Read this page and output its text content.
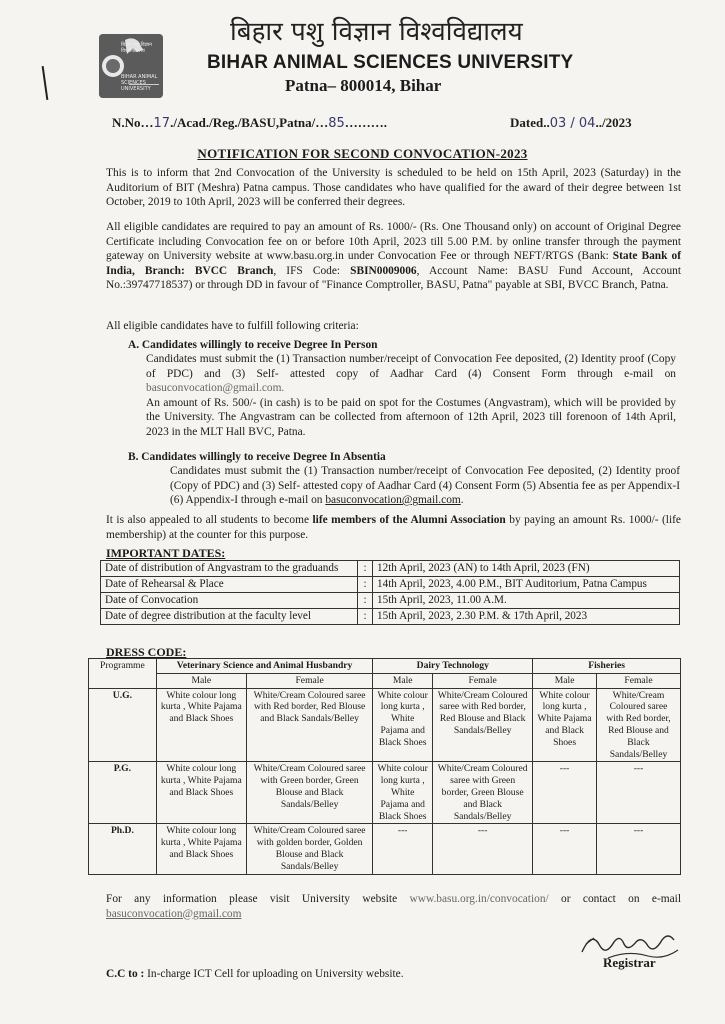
बिहार पशु विज्ञान विश्वविद्यालय
BIHAR ANIMAL SCIENCES UNIVERSITY
बिहार पशु विज्ञान विश्वविद्यालय
BIHAR ANIMAL SCIENCES UNIVERSITY
Patna– 800014, Bihar
N.No…17./Acad./Reg./BASU,Patna/…85……….	Dated..03 / 04../2023
NOTIFICATION FOR SECOND CONVOCATION-2023
This is to inform that 2nd Convocation of the University is scheduled to be held on 15th April, 2023 (Saturday) in the Auditorium of BIT (Meshra) Patna campus. Those candidates who have qualified for the award of their degree between 1st October, 2019 to 10th April, 2023 will be conferred their degrees.
All eligible candidates are required to pay an amount of Rs. 1000/- (Rs. One Thousand only) on account of Original Degree Certificate including Convocation fee on or before 10th April, 2023 till 5.00 P.M. by online transfer through the payment gateway on University website at www.basu.org.in under Convocation Fee or through NEFT/RTGS (Bank: State Bank of India, Branch: BVCC Branch, IFS Code: SBIN0009006, Account Name: BASU Fund Account, Account No.:39747718537) or through DD in favour of "Finance Comptroller, BASU, Patna" payable at SBI, BVCC Branch, Patna.
All eligible candidates have to fulfill following criteria:
A. Candidates willingly to receive Degree In Person
Candidates must submit the (1) Transaction number/receipt of Convocation Fee deposited, (2) Identity proof (Copy of PDC) and (3) Self- attested copy of Aadhar Card (4) Consent Form through e-mail on basuconvocation@gmail.com.
An amount of Rs. 500/- (in cash) is to be paid on spot for the Costumes (Angvastram), which will be provided by the University. The Angvastram can be collected from afternoon of 12th April, 2023 till forenoon of 14th April, 2023 in the MLT Hall BVC, Patna.
B. Candidates willingly to receive Degree In Absentia
Candidates must submit the (1) Transaction number/receipt of Convocation Fee deposited, (2) Identity proof (Copy of PDC) and (3) Self- attested copy of Aadhar Card (4) Consent Form (5) Absentia fee as per Appendix-I (6) Appendix-I through e-mail on basuconvocation@gmail.com.
It is also appealed to all students to become life members of the Alumni Association by paying an amount Rs. 1000/- (life membership) at the counter for this purpose.
IMPORTANT DATES:
Date of distribution of Angvastram to the graduands	:	12th April, 2023 (AN) to 14th April, 2023 (FN)
Date of Rehearsal & Place	:	14th April, 2023, 4.00 P.M., BIT Auditorium, Patna Campus
Date of Convocation	:	15th April, 2023, 11.00 A.M.
Date of degree distribution at the faculty level	:	15th April, 2023, 2.30 P.M. & 17th April, 2023
DRESS CODE:
Programme	Veterinary Science and Animal Husbandry		Dairy Technology		Fisheries	
	Male	Female	Male	Female	Male	Female
U.G.	White colour long kurta , White Pajama and Black Shoes	White/Cream Coloured saree with Red border, Red Blouse and Black Sandals/Belley	White colour long kurta , White Pajama and Black Shoes	White/Cream Coloured saree with Red border, Red Blouse and Black Sandals/Belley	White colour long kurta , White Pajama and Black Shoes	White/Cream Coloured saree with Red border, Red Blouse and Black Sandals/Belley
P.G.	White colour long kurta , White Pajama and Black Shoes	White/Cream Coloured saree with Green border, Green Blouse and Black Sandals/Belley	White colour long kurta , White Pajama and Black Shoes	White/Cream Coloured saree with Green border, Green Blouse and Black Sandals/Belley	---	---
Ph.D.	White colour long kurta , White Pajama and Black Shoes	White/Cream Coloured saree with golden border, Golden Blouse and Black Sandals/Belley	---	---	---	---
For any information please visit University website www.basu.org.in/convocation/ or contact on e-mail basuconvocation@gmail.com
Registrar
C.C to : In-charge ICT Cell for uploading on University website.
